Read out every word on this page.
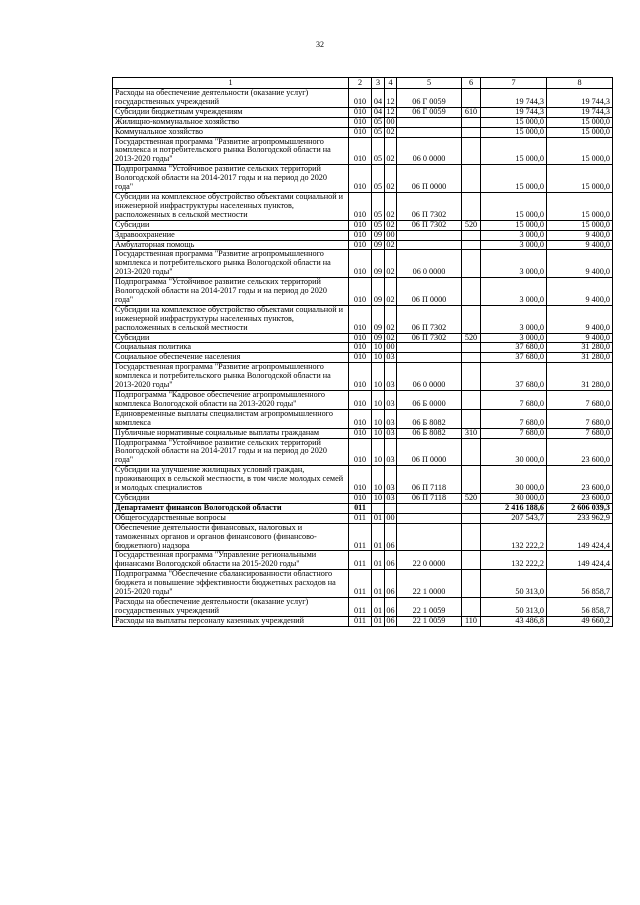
32
1	2	3	4	5	6	7	8
Расходы на обеспечение деятельности (оказание услуг) государственных учреждений	010	04	12	06 Г 0059		19 744,3	19 744,3
Субсидии бюджетным учреждениям	010	04	12	06 Г 0059	610	19 744,3	19 744,3
Жилищно-коммунальное хозяйство	010	05	00			15 000,0	15 000,0
Коммунальное хозяйство	010	05	02			15 000,0	15 000,0
Государственная программа "Развитие агропромышленного комплекса и потребительского рынка Вологодской области на 2013-2020 годы"	010	05	02	06 0 0000		15 000,0	15 000,0
Подпрограмма "Устойчивое развитие сельских территорий Вологодской области на 2014-2017 годы и на период до 2020 года"	010	05	02	06 П 0000		15 000,0	15 000,0
Субсидии на комплексное обустройство объектами социальной и инженерной инфраструктуры населенных пунктов, расположенных в сельской местности	010	05	02	06 П 7302		15 000,0	15 000,0
Субсидии	010	05	02	06 П 7302	520	15 000,0	15 000,0
Здравоохранение	010	09	00			3 000,0	9 400,0
Амбулаторная помощь	010	09	02			3 000,0	9 400,0
Государственная программа "Развитие агропромышленного комплекса и потребительского рынка Вологодской области на 2013-2020 годы"	010	09	02	06 0 0000		3 000,0	9 400,0
Подпрограмма "Устойчивое развитие сельских территорий Вологодской области на 2014-2017 годы и на период до 2020 года"	010	09	02	06 П 0000		3 000,0	9 400,0
Субсидии на комплексное обустройство объектами социальной и инженерной инфраструктуры населенных пунктов, расположенных в сельской местности	010	09	02	06 П 7302		3 000,0	9 400,0
Субсидии	010	09	02	06 П 7302	520	3 000,0	9 400,0
Социальная политика	010	10	00			37 680,0	31 280,0
Социальное обеспечение населения	010	10	03			37 680,0	31 280,0
Государственная программа "Развитие агропромышленного комплекса и потребительского рынка Вологодской области на 2013-2020 годы"	010	10	03	06 0 0000		37 680,0	31 280,0
Подпрограмма "Кадровое обеспечение агропромышленного комплекса Вологодской области на 2013-2020 годы"	010	10	03	06 Б 0000		7 680,0	7 680,0
Единовременные выплаты специалистам агропромышленного комплекса	010	10	03	06 Б 8082		7 680,0	7 680,0
Публичные нормативные социальные выплаты гражданам	010	10	03	06 Б 8082	310	7 680,0	7 680,0
Подпрограмма "Устойчивое развитие сельских территорий Вологодской области на 2014-2017 годы и на период до 2020 года"	010	10	03	06 П 0000		30 000,0	23 600,0
Субсидии на улучшение жилищных условий граждан, проживающих в сельской местности, в том числе молодых семей и молодых специалистов	010	10	03	06 П 7118		30 000,0	23 600,0
Субсидии	010	10	03	06 П 7118	520	30 000,0	23 600,0
Департамент финансов Вологодской области	011					2 416 188,6	2 606 039,3
Общегосударственные вопросы	011	01	00			207 543,7	233 962,9
Обеспечение деятельности финансовых, налоговых и таможенных органов и органов финансового (финансово-бюджетного) надзора	011	01	06			132 222,2	149 424,4
Государственная программа "Управление региональными финансами Вологодской области на 2015-2020 годы"	011	01	06	22 0 0000		132 222,2	149 424,4
Подпрограмма "Обеспечение сбалансированности областного бюджета и повышение эффективности бюджетных расходов на 2015-2020 годы"	011	01	06	22 1 0000		50 313,0	56 858,7
Расходы на обеспечение деятельности (оказание услуг) государственных учреждений	011	01	06	22 1 0059		50 313,0	56 858,7
Расходы на выплаты персоналу казенных учреждений	011	01	06	22 1 0059	110	43 486,8	49 660,2
